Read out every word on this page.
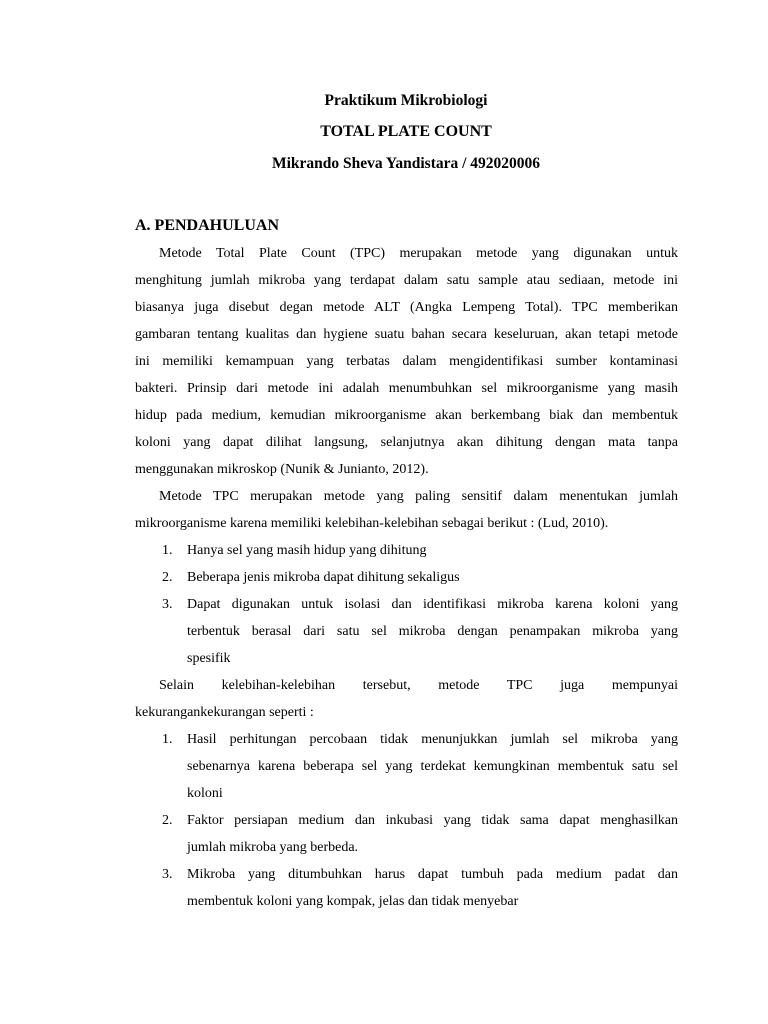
Praktikum Mikrobiologi
TOTAL PLATE COUNT
Mikrando Sheva Yandistara / 492020006
A. PENDAHULUAN
Metode Total Plate Count (TPC) merupakan metode yang digunakan untuk
menghitung jumlah mikroba yang terdapat dalam satu sample atau sediaan, metode ini
biasanya juga disebut degan metode ALT (Angka Lempeng Total). TPC memberikan
gambaran tentang kualitas dan hygiene suatu bahan secara keseluruan, akan tetapi metode
ini memiliki kemampuan yang terbatas dalam mengidentifikasi sumber kontaminasi
bakteri. Prinsip dari metode ini adalah menumbuhkan sel mikroorganisme yang masih
hidup pada medium, kemudian mikroorganisme akan berkembang biak dan membentuk
koloni yang dapat dilihat langsung, selanjutnya akan dihitung dengan mata tanpa
menggunakan mikroskop (Nunik & Junianto, 2012).
Metode TPC merupakan metode yang paling sensitif dalam menentukan jumlah
mikroorganisme karena memiliki kelebihan-kelebihan sebagai berikut : (Lud, 2010).
1. Hanya sel yang masih hidup yang dihitung
2. Beberapa jenis mikroba dapat dihitung sekaligus
3. Dapat digunakan untuk isolasi dan identifikasi mikroba karena koloni yang
terbentuk berasal dari satu sel mikroba dengan penampakan mikroba yang
spesifik
Selain kelebihan-kelebihan tersebut, metode TPC juga mempunyai
kekurangankekurangan seperti :
1. Hasil perhitungan percobaan tidak menunjukkan jumlah sel mikroba yang
sebenarnya karena beberapa sel yang terdekat kemungkinan membentuk satu sel
koloni
2. Faktor persiapan medium dan inkubasi yang tidak sama dapat menghasilkan
jumlah mikroba yang berbeda.
3. Mikroba yang ditumbuhkan harus dapat tumbuh pada medium padat dan
membentuk koloni yang kompak, jelas dan tidak menyebar
